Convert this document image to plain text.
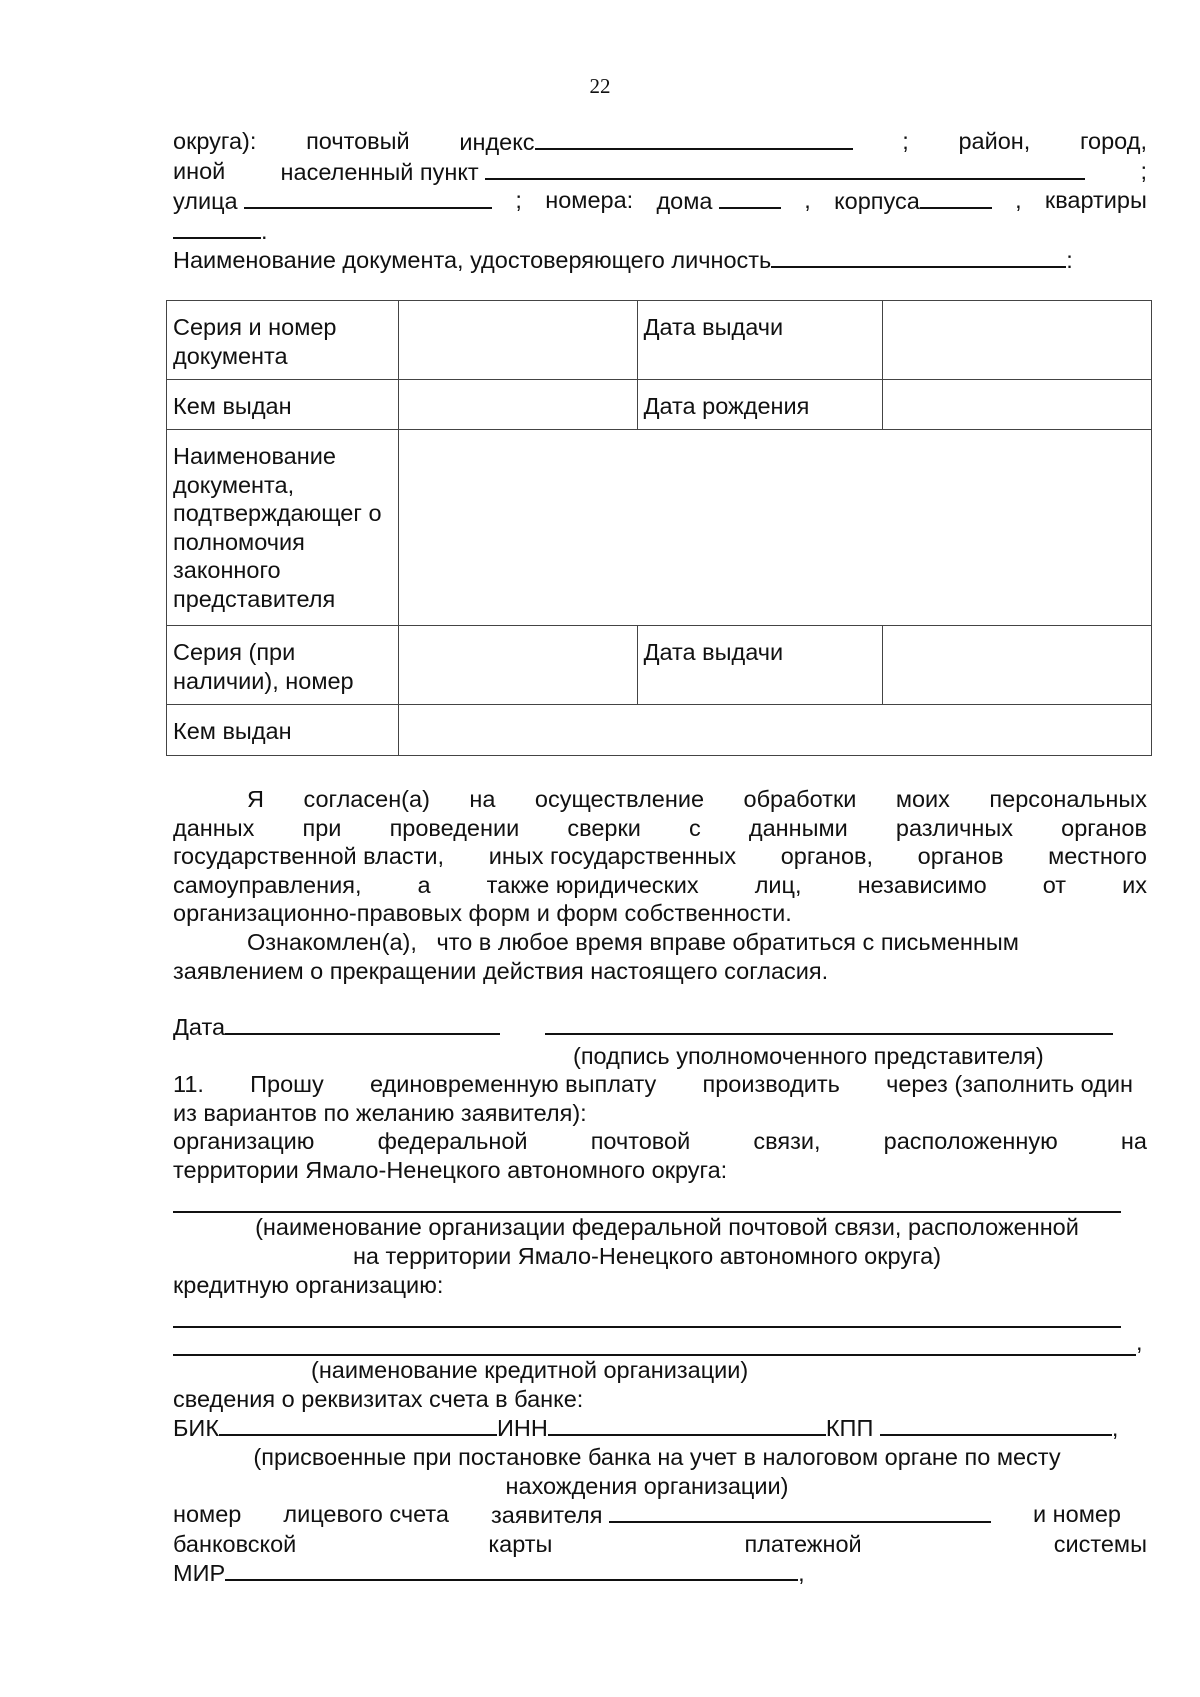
22
округа): почтовый индекс	; район, город,
иной населенный пункт	;
улица	; номера: дома	, корпуса	, квартиры
.
Наименование документа, удостоверяющего личность	:
Серия и номер документа		Дата выдачи	
Кем выдан		Дата рождения	
Наименование документа, подтверждающег о полномочия законного представителя			
Серия (при наличии), номер		Дата выдачи	
Кем выдан			
Я согласен(а) на осуществление обработки моих персональных
данных при проведении сверки с данными различных органов
государственной власти, иных государственных органов, органов местного
самоуправления, а также юридических лиц, независимо от их
организационно-правовых форм и форм собственности.
Ознакомлен(а),   что в любое время вправе обратиться с письменным
заявлением о прекращении действия настоящего согласия.
Дата
(подпись уполномоченного представителя)
11. Прошу единовременную выплату производить через (заполнить один
из вариантов по желанию заявителя):
организацию	федеральной	почтовой	связи,	расположенную	на
территории Ямало-Ненецкого автономного округа:
(наименование организации федеральной почтовой связи, расположенной
на территории Ямало-Ненецкого автономного округа)
кредитную организацию:
,
(наименование кредитной организации)
сведения о реквизитах счета в банке:
БИК	ИНН	КПП	,
(присвоенные при постановке банка на учет в налоговом органе по месту
нахождения организации)
номер лицевого счета заявителя	и номер
банковской	карты	платежной	системы
МИР	,
